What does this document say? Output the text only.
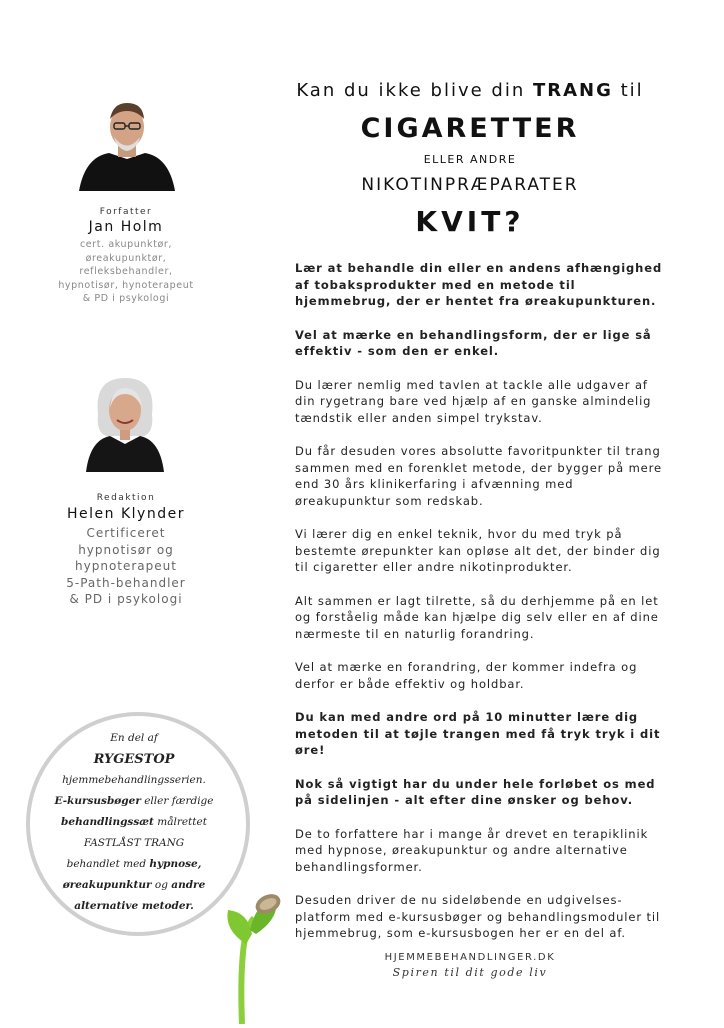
Forfatter
Jan Holm
cert. akupunktør,
øreakupunktør,
refleksbehandler,
hypnotisør, hynoterapeut
& PD i psykologi
Redaktion
Helen Klynder
Certificeret
hypnotisør og
hypnoterapeut
5-Path-behandler
& PD i psykologi
Kan du ikke blive din TRANG til
CIGARETTER
ELLER ANDRE
NIKOTINPRÆPARATER
KVIT?

Lær at behandle din eller en andens afhængighed af tobaksprodukter med en metode til hjemmebrug, der er hentet fra øreakupunkturen.

Vel at mærke en behandlingsform, der er lige så effektiv - som den er enkel.

Du lærer nemlig med tavlen at tackle alle udgaver af din rygetrang bare ved hjælp af en ganske almindelig tændstik eller anden simpel trykstav.

Du får desuden vores absolutte favoritpunkter til trang sammen med en forenklet metode, der bygger på mere end 30 års klinikerfaring i afvænning med øreakupunktur som redskab.

Vi lærer dig en enkel teknik, hvor du med tryk på bestemte ørepunkter kan opløse alt det, der binder dig til cigaretter eller andre nikotinprodukter.

Alt sammen er lagt tilrette, så du derhjemme på en let og forståelig måde kan hjælpe dig selv eller en af dine nærmeste til en naturlig forandring.

Vel at mærke en forandring, der kommer indefra og derfor er både effektiv og holdbar.

Du kan med andre ord på 10 minutter lære dig metoden til at tøjle trangen med få tryk tryk i dit øre!

Nok så vigtigt har du under hele forløbet os med på sidelinjen - alt efter dine ønsker og behov.

De to forfattere har i mange år drevet en terapiklinik med hypnose, øreakupunktur og andre alternative behandlingsformer.

Desuden driver de nu sideløbende en udgivelses-platform med e-kursusbøger og behandlingsmoduler til hjemmebrug, som e-kursusbogen her er en del af.

HJEMMEBEHANDLINGER.DK
Spiren til dit gode liv
En del af
RYGESTOP
hjemmebehandlingsserien.
E-kursusbøger eller færdige
behandlingssæt målrettet
FASTLÅST TRANG
behandlet med hypnose,
øreakupunktur og andre
alternative metoder.
